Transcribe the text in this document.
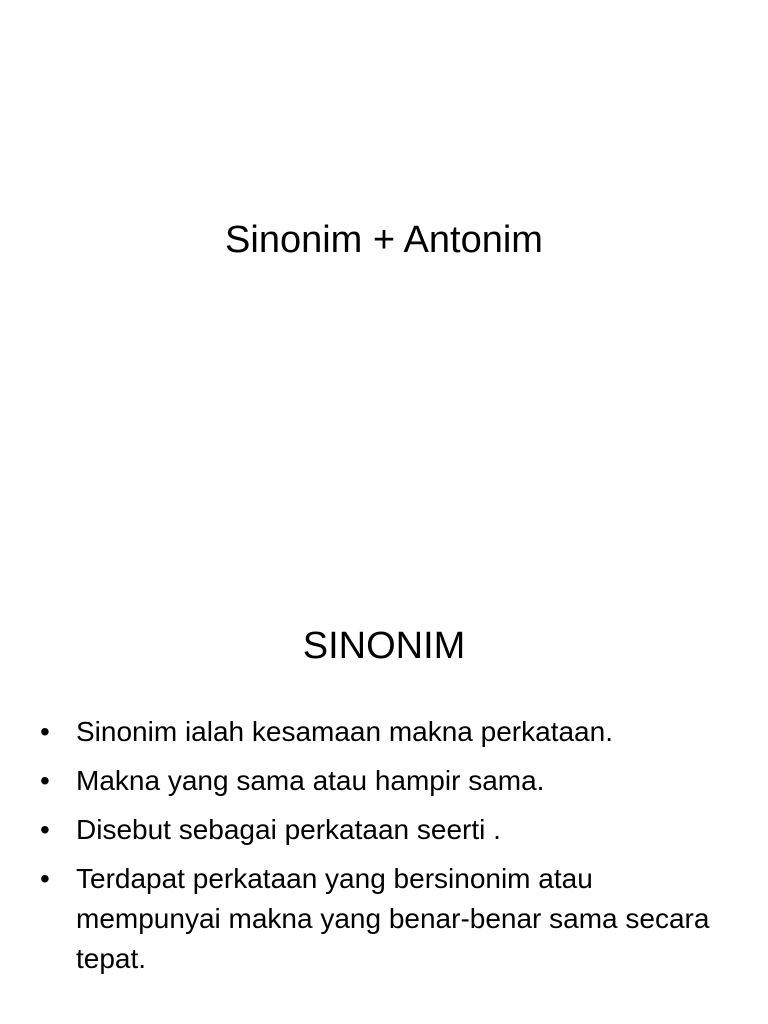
Sinonim + Antonim
SINONIM
• Sinonim ialah kesamaan makna perkataan.
• Makna yang sama atau hampir sama.
• Disebut sebagai perkataan seerti .
• Terdapat perkataan yang bersinonim atau mempunyai makna yang benar-benar sama secara tepat.
